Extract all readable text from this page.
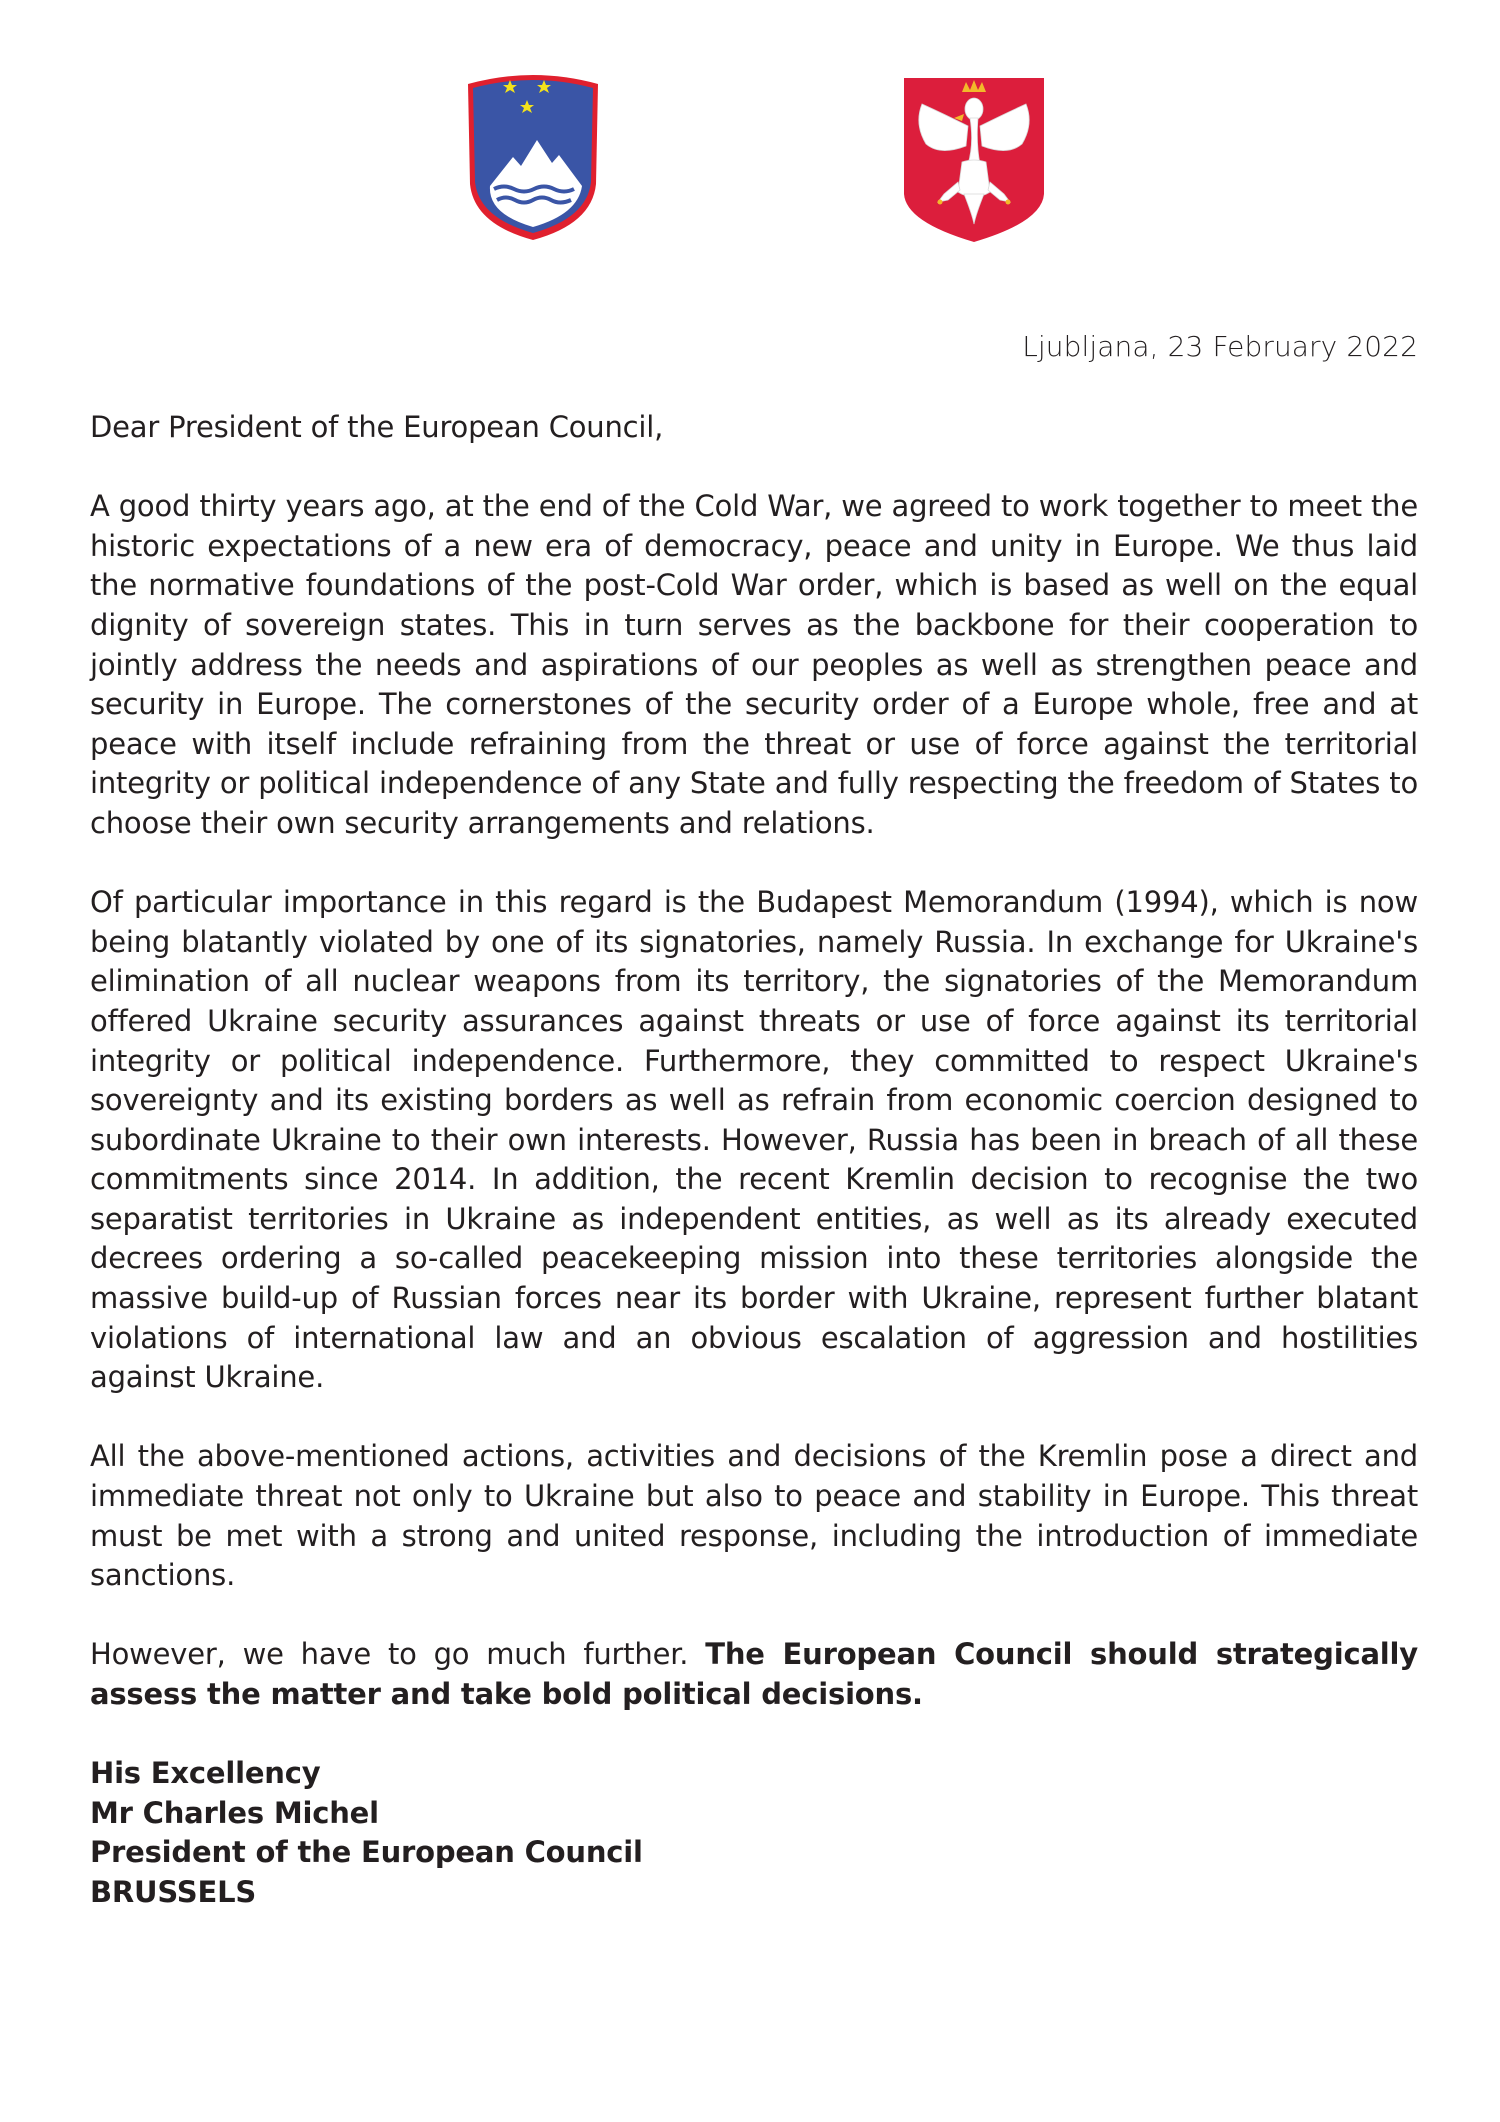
Ljubljana, 23 February 2022

Dear President of the European Council,

A good thirty years ago, at the end of the Cold War, we agreed to work together to meet the historic expectations of a new era of democracy, peace and unity in Europe. We thus laid the normative foundations of the post-Cold War order, which is based as well on the equal dignity of sovereign states. This in turn serves as the backbone for their cooperation to jointly address the needs and aspirations of our peoples as well as strengthen peace and security in Europe. The cornerstones of the security order of a Europe whole, free and at peace with itself include refraining from the threat or use of force against the territorial integrity or political independence of any State and fully respecting the freedom of States to choose their own security arrangements and relations.

Of particular importance in this regard is the Budapest Memorandum (1994), which is now being blatantly violated by one of its signatories, namely Russia. In exchange for Ukraine's elimination of all nuclear weapons from its territory, the signatories of the Memorandum offered Ukraine security assurances against threats or use of force against its territorial integrity or political independence. Furthermore, they committed to respect Ukraine's sovereignty and its existing borders as well as refrain from economic coercion designed to subordinate Ukraine to their own interests. However, Russia has been in breach of all these commitments since 2014. In addition, the recent Kremlin decision to recognise the two separatist territories in Ukraine as independent entities, as well as its already executed decrees ordering a so-called peacekeeping mission into these territories alongside the massive build-up of Russian forces near its border with Ukraine, represent further blatant violations of international law and an obvious escalation of aggression and hostilities against Ukraine.

All the above-mentioned actions, activities and decisions of the Kremlin pose a direct and immediate threat not only to Ukraine but also to peace and stability in Europe. This threat must be met with a strong and united response, including the introduction of immediate sanctions.

However, we have to go much further. The European Council should strategically assess the matter and take bold political decisions.

His Excellency

Mr Charles Michel

President of the European Council

BRUSSELS
